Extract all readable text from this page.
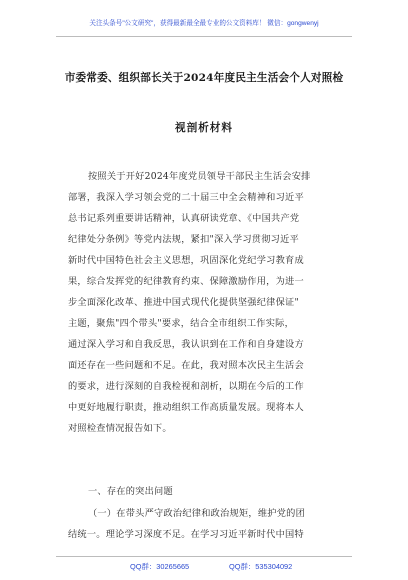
关注头条号"公文研究"，获得最新最全最专业的公文资料库！ 微信：gongwenyj
市委常委、组织部长关于2024年度民主生活会个人对照检
视剖析材料
按照关于开好2024年度党员领导干部民主生活会安排
部署，我深入学习领会党的二十届三中全会精神和习近平
总书记系列重要讲话精神，认真研读党章、《中国共产党
纪律处分条例》等党内法规，紧扣"深入学习贯彻习近平
新时代中国特色社会主义思想，巩固深化党纪学习教育成
果，综合发挥党的纪律教育约束、保障激励作用，为进一
步全面深化改革、推进中国式现代化提供坚强纪律保证"
主题，聚焦"四个带头"要求，结合全市组织工作实际，
通过深入学习和自我反思，我认识到在工作和自身建设方
面还存在一些问题和不足。在此，我对照本次民主生活会
的要求，进行深刻的自我检视和剖析，以期在今后的工作
中更好地履行职责，推动组织工作高质量发展。现将本人
对照检查情况报告如下。
一、存在的突出问题
（一）在带头严守政治纪律和政治规矩，维护党的团
结统一。理论学习深度不足。在学习习近平新时代中国特
QQ群：30265665	QQ群：535304092
